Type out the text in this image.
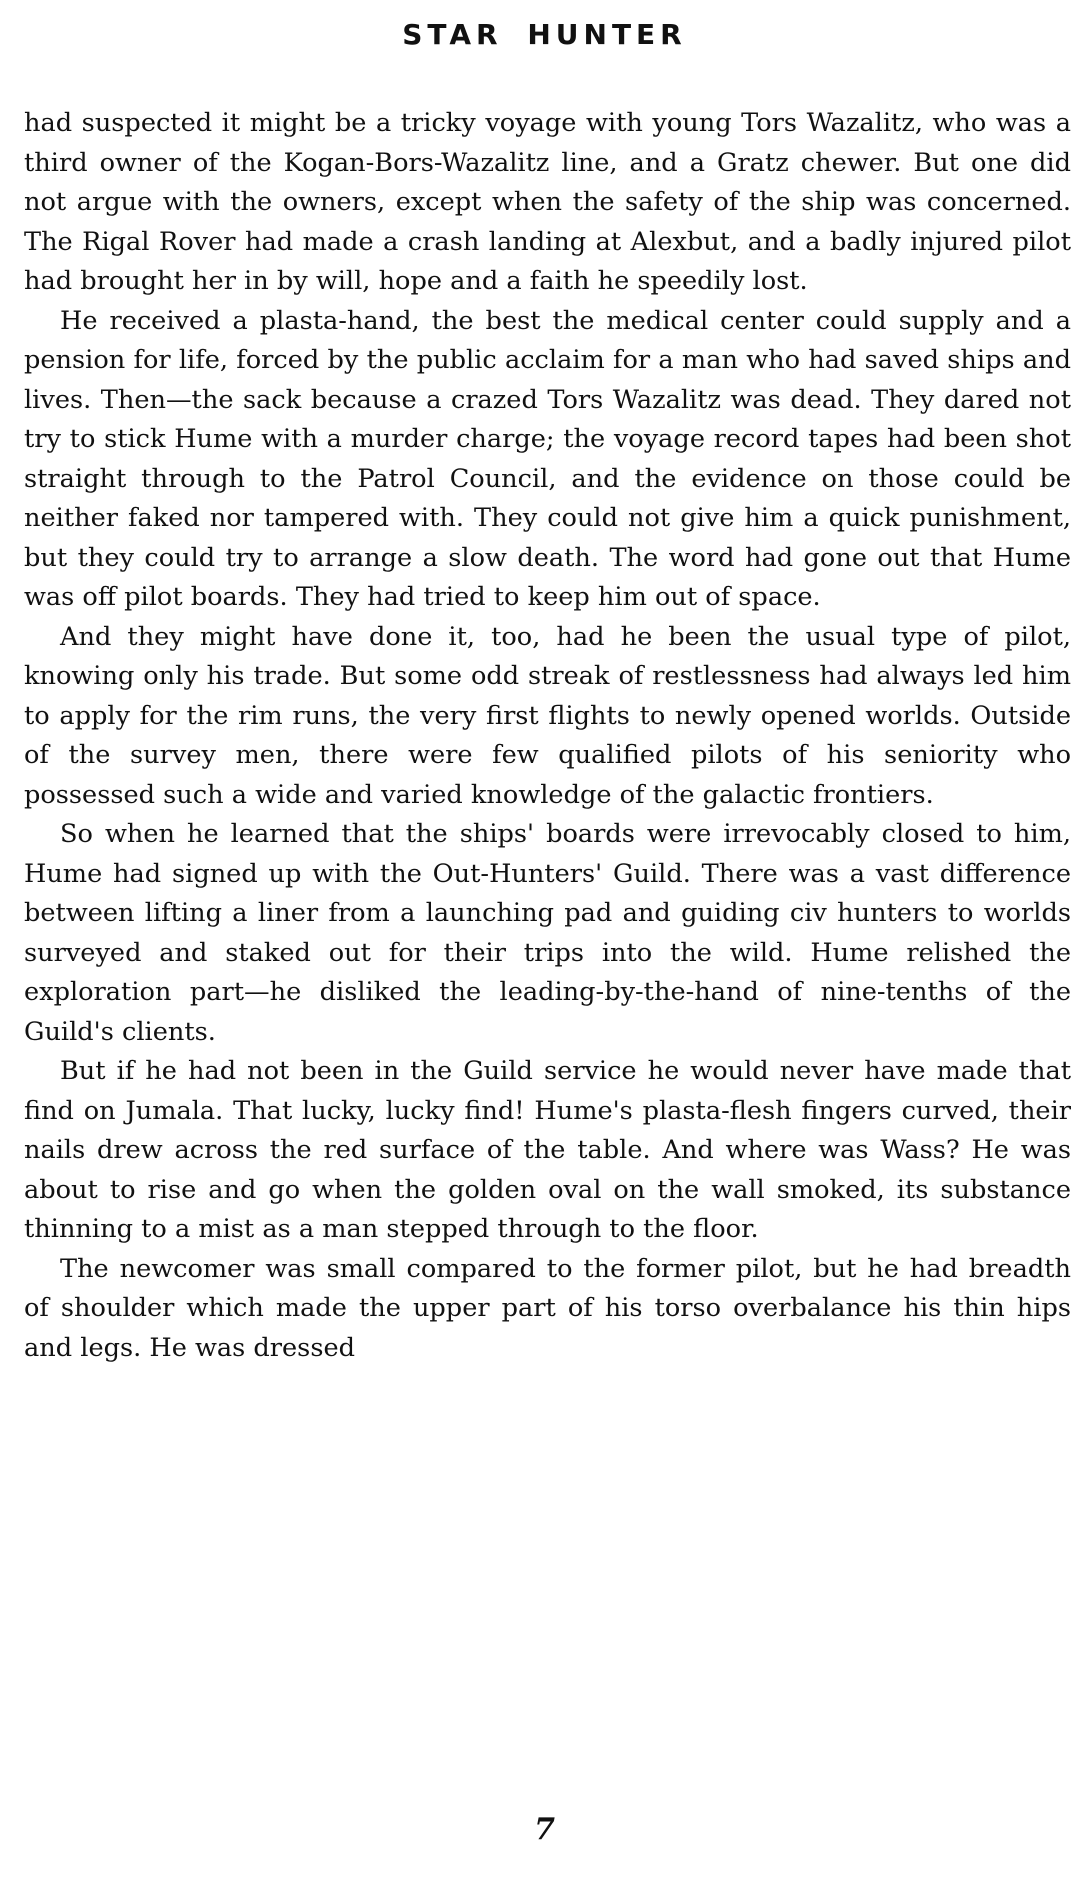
STAR HUNTER

had suspected it might be a tricky voyage with young Tors Wazalitz, who was a third owner of the Kogan-Bors-Wazalitz line, and a Gratz chewer. But one did not argue with the owners, except when the safety of the ship was concerned. The Rigal Rover had made a crash landing at Alexbut, and a badly injured pilot had brought her in by will, hope and a faith he speedily lost.

He received a plasta-hand, the best the medical center could supply and a pension for life, forced by the public acclaim for a man who had saved ships and lives. Then—the sack because a crazed Tors Wazalitz was dead. They dared not try to stick Hume with a murder charge; the voyage record tapes had been shot straight through to the Patrol Council, and the evidence on those could be neither faked nor tampered with. They could not give him a quick punishment, but they could try to arrange a slow death. The word had gone out that Hume was off pilot boards. They had tried to keep him out of space.

And they might have done it, too, had he been the usual type of pilot, knowing only his trade. But some odd streak of restlessness had always led him to apply for the rim runs, the very first flights to newly opened worlds. Outside of the survey men, there were few qualified pilots of his seniority who possessed such a wide and varied knowledge of the galactic frontiers.

So when he learned that the ships' boards were irrevocably closed to him, Hume had signed up with the Out-Hunters' Guild. There was a vast difference between lifting a liner from a launching pad and guiding civ hunters to worlds surveyed and staked out for their trips into the wild. Hume relished the exploration part—he disliked the leading-by-the-hand of nine-tenths of the Guild's clients.

But if he had not been in the Guild service he would never have made that find on Jumala. That lucky, lucky find! Hume's plasta-flesh fingers curved, their nails drew across the red surface of the table. And where was Wass? He was about to rise and go when the golden oval on the wall smoked, its substance thinning to a mist as a man stepped through to the floor.

The newcomer was small compared to the former pilot, but he had breadth of shoulder which made the upper part of his torso overbalance his thin hips and legs. He was dressed

7
